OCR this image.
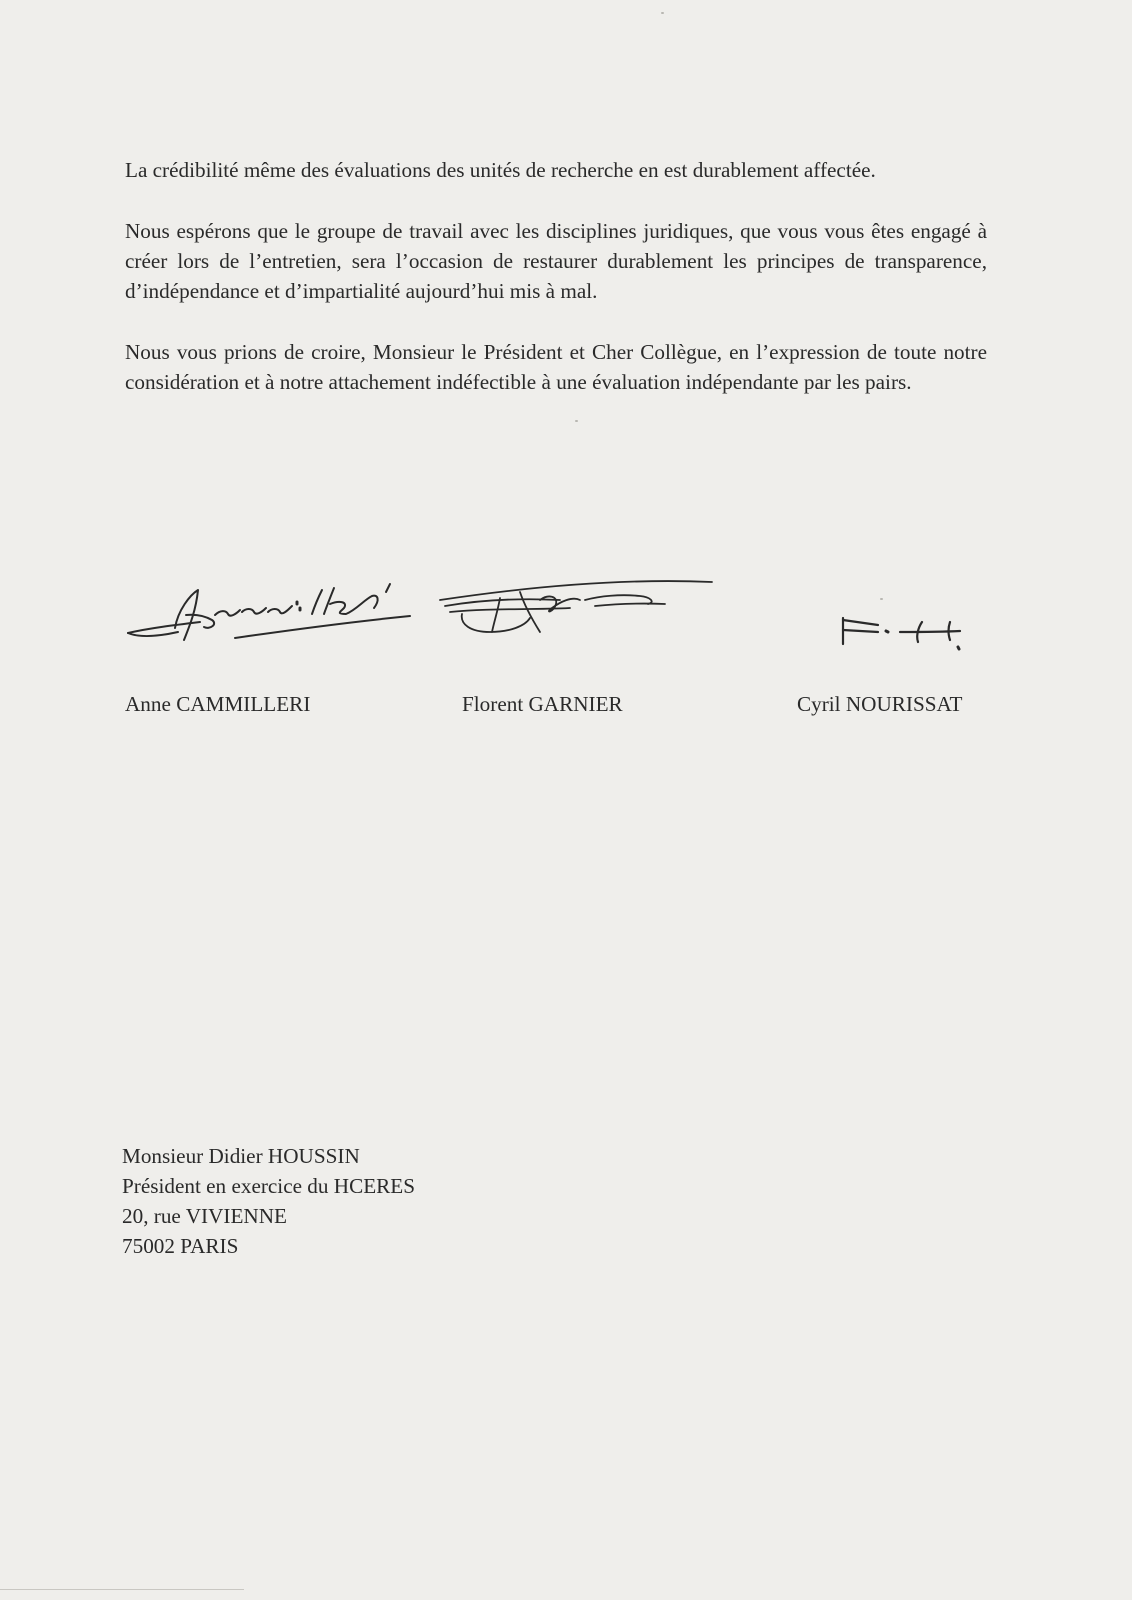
La crédibilité même des évaluations des unités de recherche en est durablement affectée.

Nous espérons que le groupe de travail avec les disciplines juridiques, que vous vous êtes engagé à créer lors de l’entretien, sera l’occasion de restaurer durablement les principes de transparence, d’indépendance et d’impartialité aujourd’hui mis à mal.

Nous vous prions de croire, Monsieur le Président et Cher Collègue, en l’expression de toute notre considération et à notre attachement indéfectible à une évaluation indépendante par les pairs.

Anne CAMMILLERI	Florent GARNIER	Cyril NOURISSAT
Monsieur Didier HOUSSIN
Président en exercice du HCERES
20, rue VIVIENNE
75002 PARIS
